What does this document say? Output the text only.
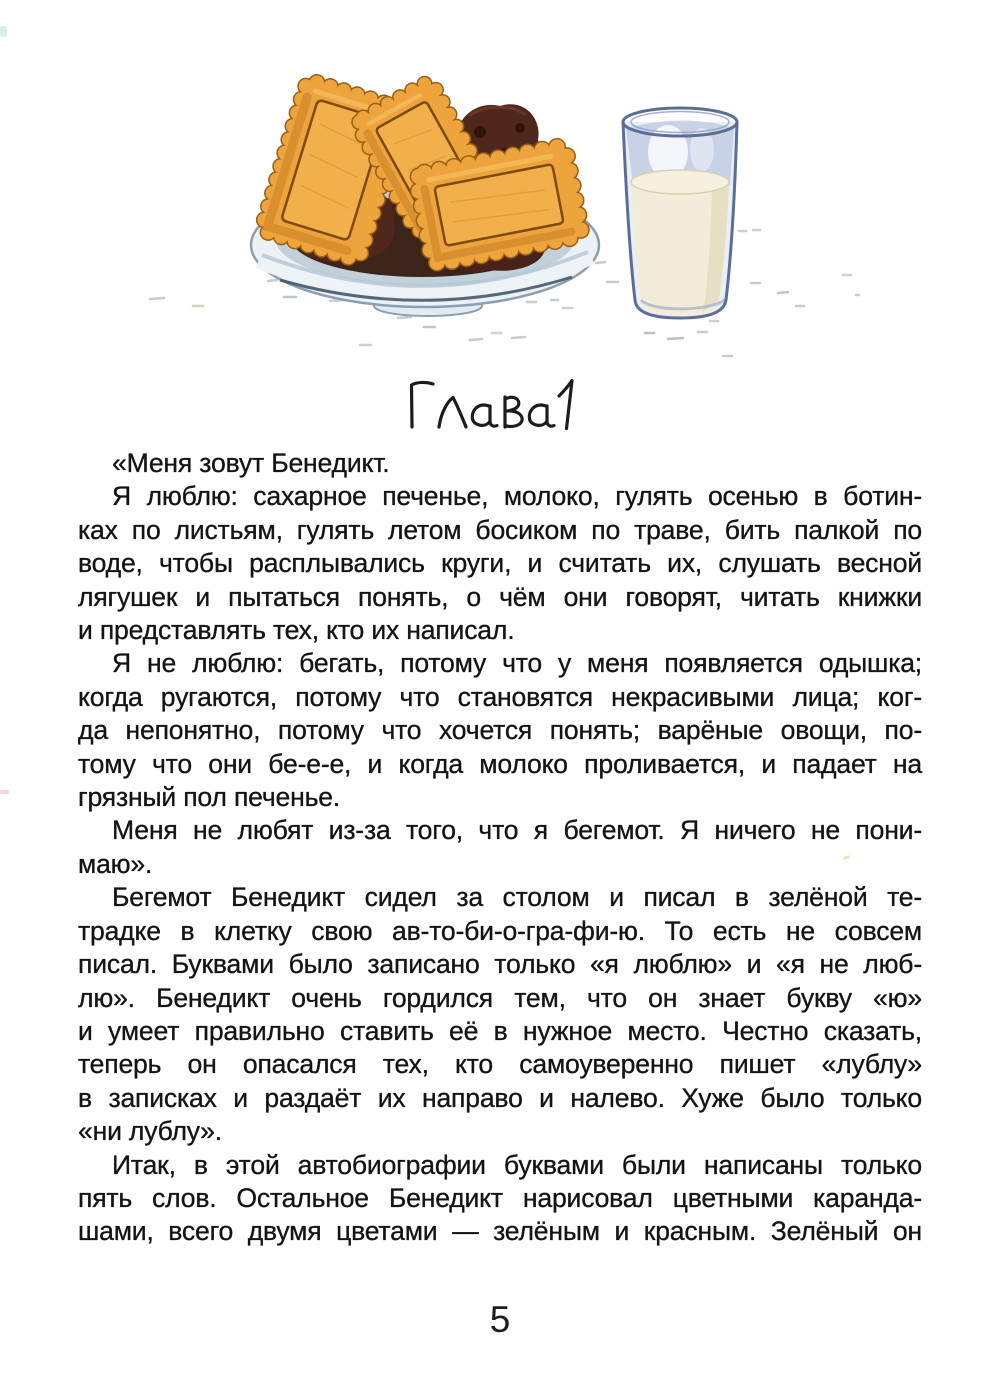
«Меня зовут Бенедикт.
Я люблю: сахарное печенье, молоко, гулять осенью в ботин-
ках по листьям, гулять летом босиком по траве, бить палкой по
воде, чтобы расплывались круги, и считать их, слушать весной
лягушек и пытаться понять, о чём они говорят, читать книжки
и представлять тех, кто их написал.
Я не люблю: бегать, потому что у меня появляется одышка;
когда ругаются, потому что становятся некрасивыми лица; ког-
да непонятно, потому что хочется понять; варёные овощи, по-
тому что они бе-е-е, и когда молоко проливается, и падает на
грязный пол печенье.
Меня не любят из-за того, что я бегемот. Я ничего не пони-
маю».
Бегемот Бенедикт сидел за столом и писал в зелёной те-
традке в клетку свою ав-то-би-о-гра-фи-ю. То есть не совсем
писал. Буквами было записано только «я люблю» и «я не люб-
лю». Бенедикт очень гордился тем, что он знает букву «ю»
и умеет правильно ставить её в нужное место. Честно сказать,
теперь он опасался тех, кто самоуверенно пишет «лублу»
в записках и раздаёт их направо и налево. Хуже было только
«ни лублу».
Итак, в этой автобиографии буквами были написаны только
пять слов. Остальное Бенедикт нарисовал цветными каранда-
шами, всего двумя цветами — зелёным и красным. Зелёный он
5
